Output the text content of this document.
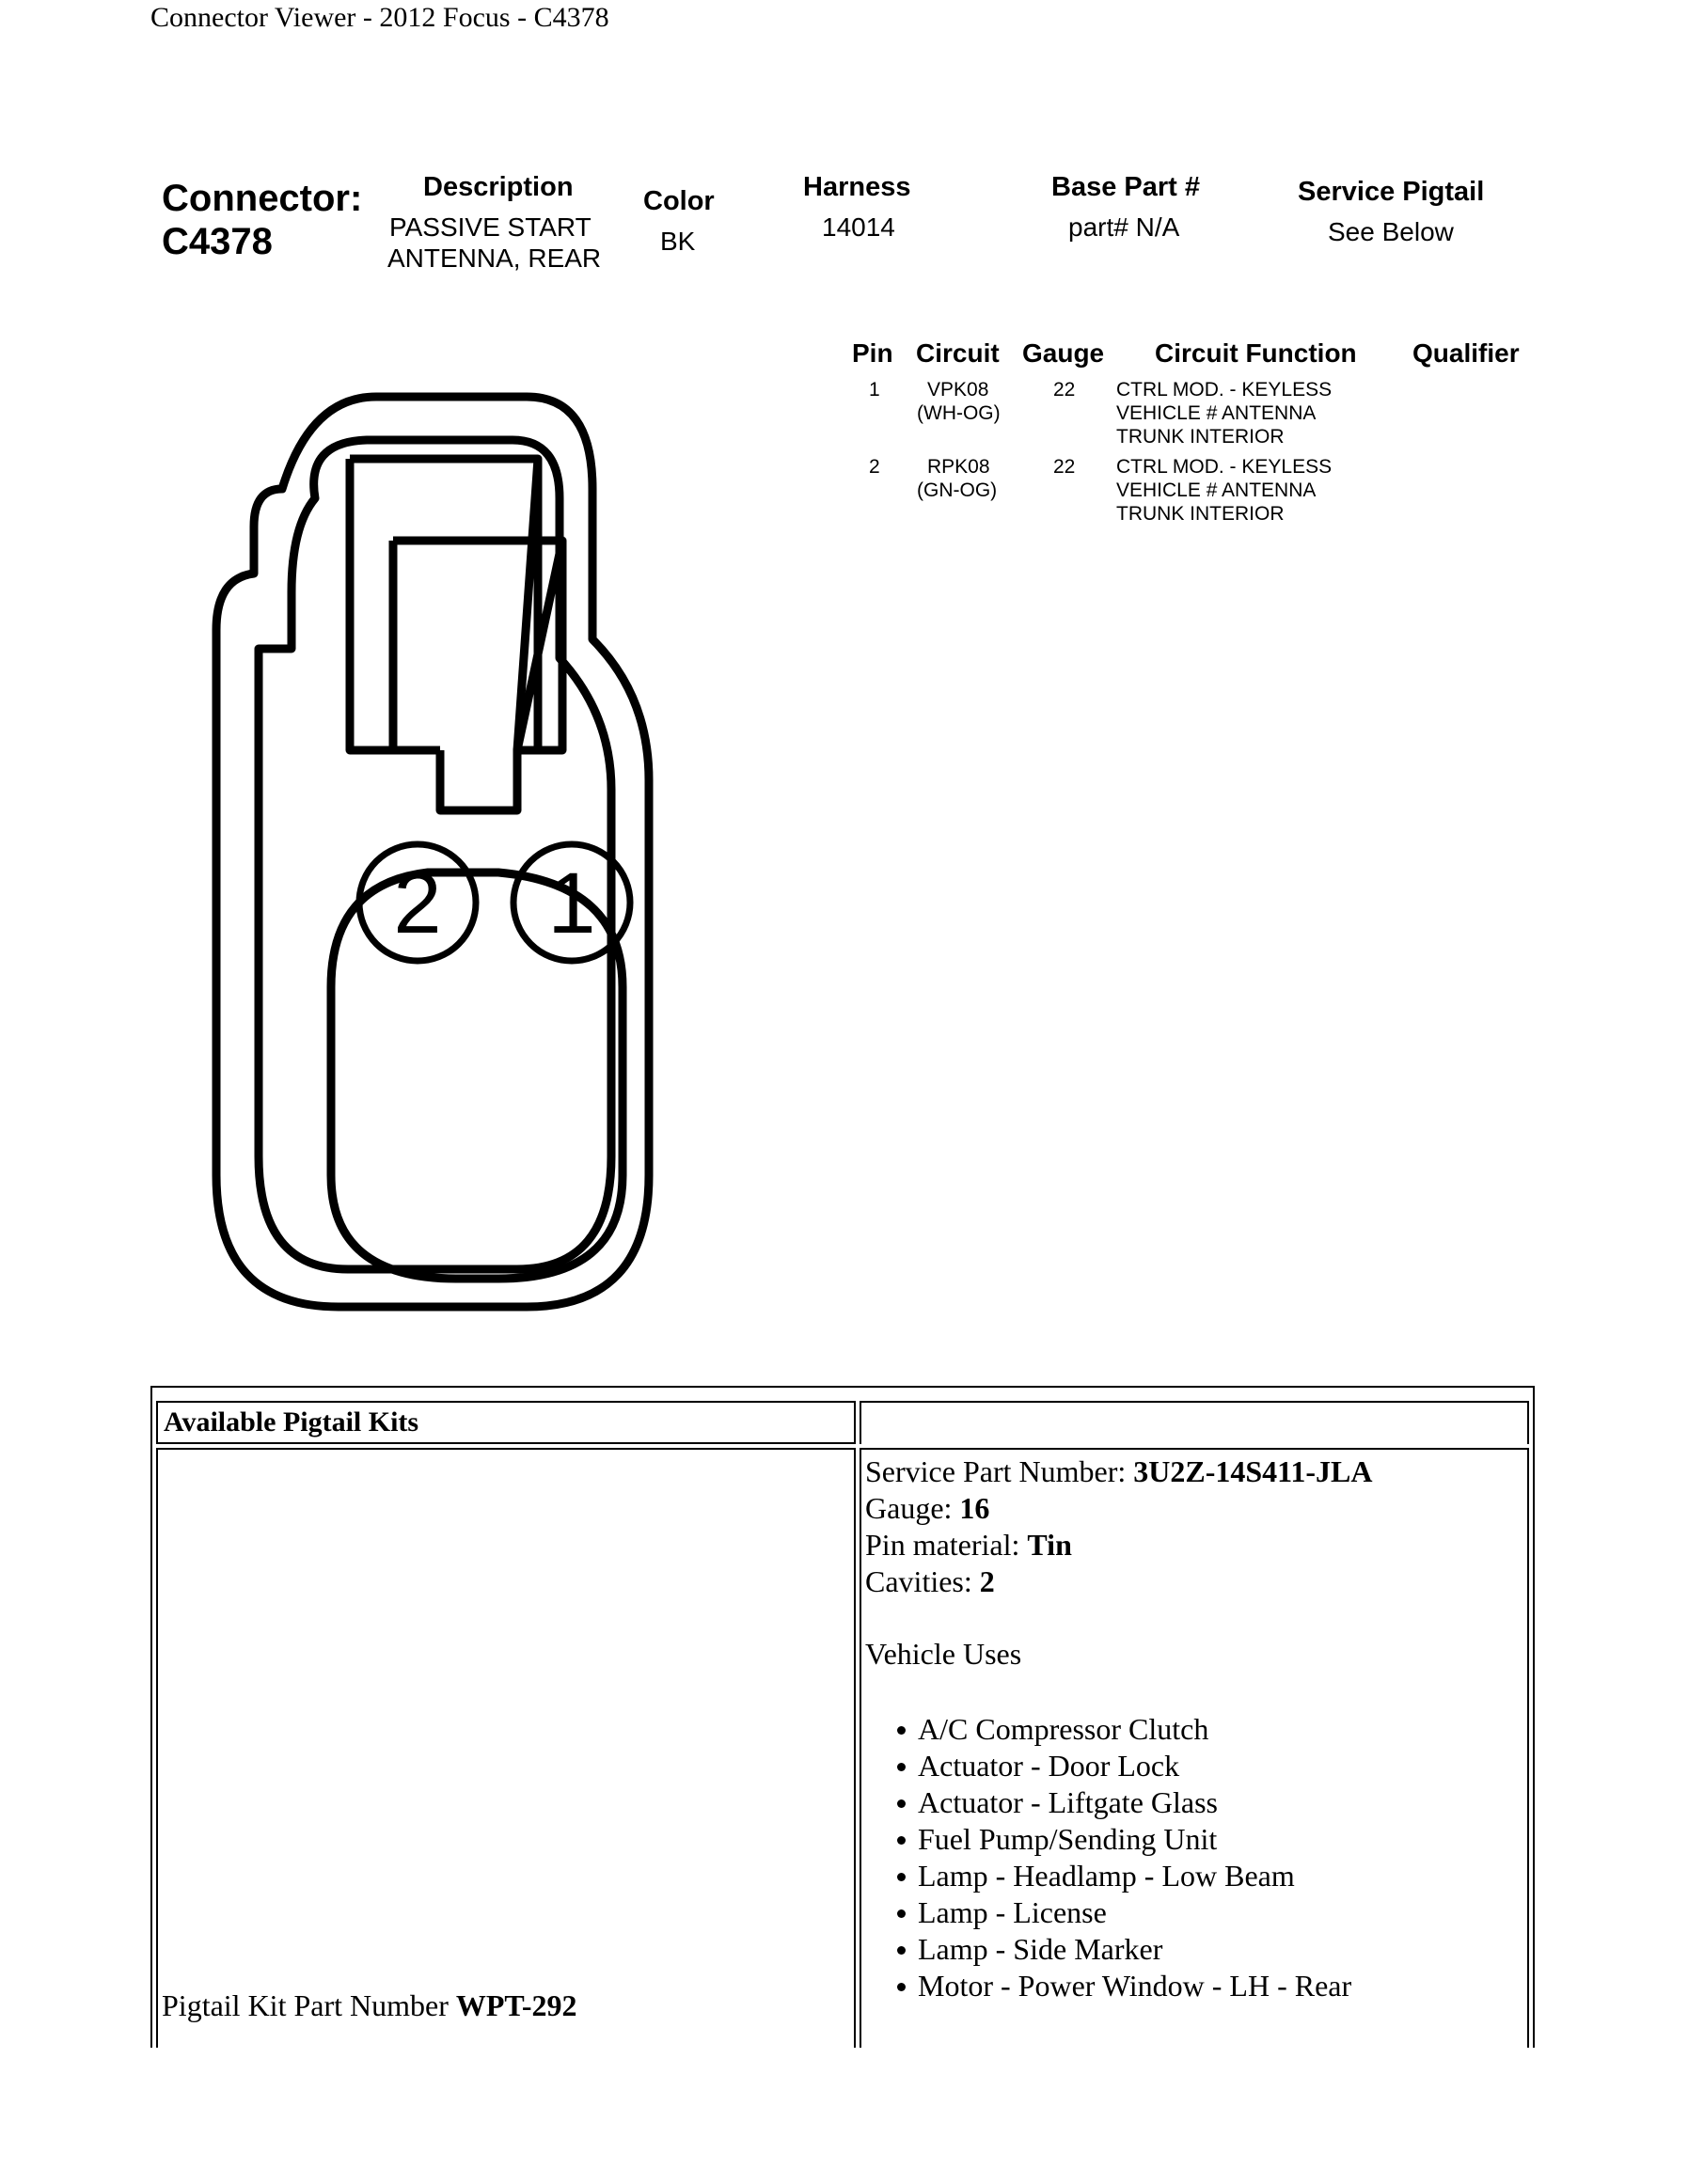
Connector Viewer - 2012 Focus - C4378
Connector:
C4378
Description
PASSIVE START
ANTENNA, REAR
Color
BK
Harness
14014
Base Part #
part# N/A
Service Pigtail
See Below
Pin Circuit Gauge Circuit Function Qualifier
1 VPK08
(WH-OG)
22 CTRL MOD. - KEYLESS
VEHICLE # ANTENNA
TRUNK INTERIOR
2 RPK08
(GN-OG)
22 CTRL MOD. - KEYLESS
VEHICLE # ANTENNA
TRUNK INTERIOR
2 1
Available Pigtail Kits
Pigtail Kit Part Number WPT-292
Service Part Number: 3U2Z-14S411-JLA
Gauge: 16
Pin material: Tin
Cavities: 2
Vehicle Uses
A/C Compressor Clutch
Actuator - Door Lock
Actuator - Liftgate Glass
Fuel Pump/Sending Unit
Lamp - Headlamp - Low Beam
Lamp - License
Lamp - Side Marker
Motor - Power Window - LH - Rear
